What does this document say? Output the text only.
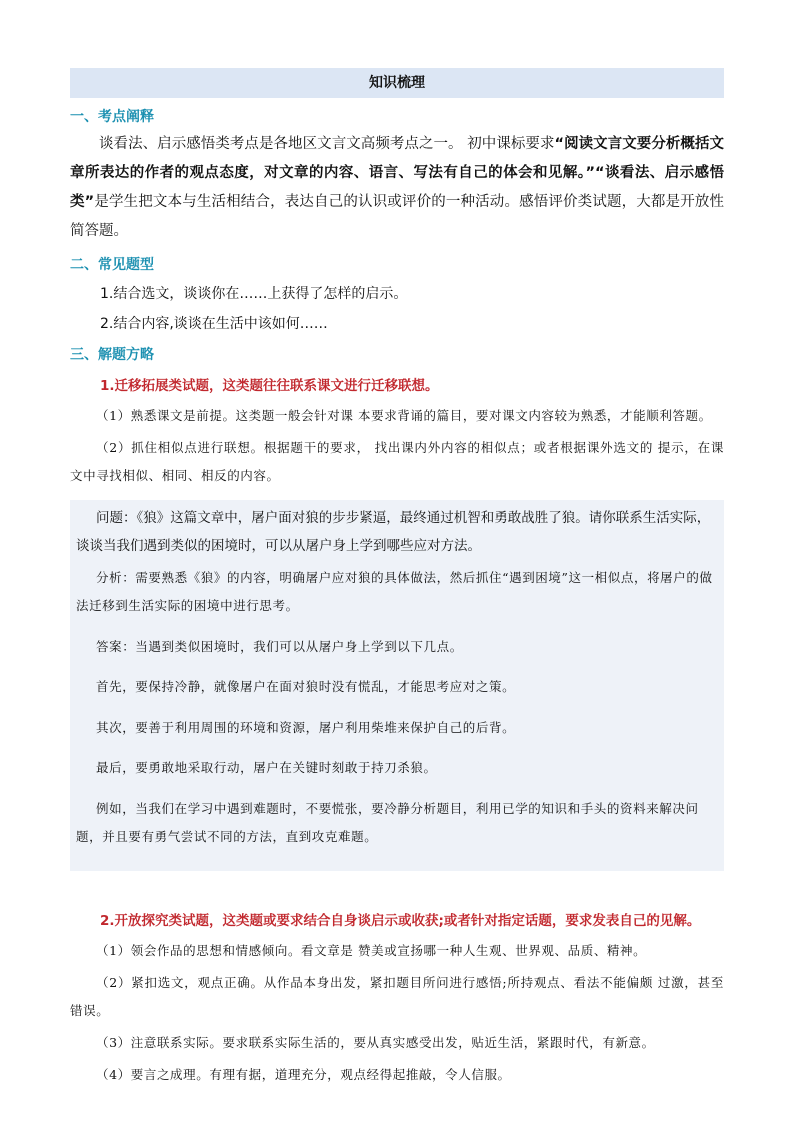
知识梳理
一、考点阐释

谈看法、启示感悟类考点是各地区文言文高频考点之一。 初中课标要求“阅读文言文要分析概括文章所表达的作者的观点态度，对文章的内容、语言、写法有自己的体会和见解。”“谈看法、启示感悟类”是学生把文本与生活相结合，表达自己的认识或评价的一种活动。感悟评价类试题，大都是开放性简答题。

二、常见题型
1.结合选文，谈谈你在……上获得了怎样的启示。
2.结合内容,谈谈在生活中该如何……
三、解题方略
1.迁移拓展类试题，这类题往往联系课文进行迁移联想。
（1）熟悉课文是前提。这类题一般会针对课 本要求背诵的篇目，要对课文内容较为熟悉，才能顺利答题。
（2）抓住相似点进行联想。根据题干的要求， 找出课内外内容的相似点；或者根据课外选文的 提示，在课文中寻找相似、相同、相反的内容。

问题：《狼》这篇文章中，屠户面对狼的步步紧逼，最终通过机智和勇敢战胜了狼。请你联系生活实际，谈谈当我们遇到类似的困境时，可以从屠户身上学到哪些应对方法。

分析：需要熟悉《狼》的内容，明确屠户应对狼的具体做法，然后抓住“遇到困境”这一相似点，将屠户的做法迁移到生活实际的困境中进行思考。

答案：当遇到类似困境时，我们可以从屠户身上学到以下几点。

首先，要保持冷静，就像屠户在面对狼时没有慌乱，才能思考应对之策。

其次，要善于利用周围的环境和资源，屠户利用柴堆来保护自己的后背。

最后，要勇敢地采取行动，屠户在关键时刻敢于持刀杀狼。

例如，当我们在学习中遇到难题时，不要慌张，要冷静分析题目，利用已学的知识和手头的资料来解决问题，并且要有勇气尝试不同的方法，直到攻克难题。

2.开放探究类试题，这类题或要求结合自身谈启示或收获;或者针对指定话题，要求发表自己的见解。
（1）领会作品的思想和情感倾向。看文章是 赞美或宣扬哪一种人生观、世界观、品质、精神。
（2）紧扣选文，观点正确。从作品本身出发，紧扣题目所问进行感悟;所持观点、看法不能偏颇 过激，甚至错误。
（3）注意联系实际。要求联系实际生活的，要从真实感受出发，贴近生活，紧跟时代，有新意。
（4）要言之成理。有理有据，道理充分，观点经得起推敲，令人信服。
